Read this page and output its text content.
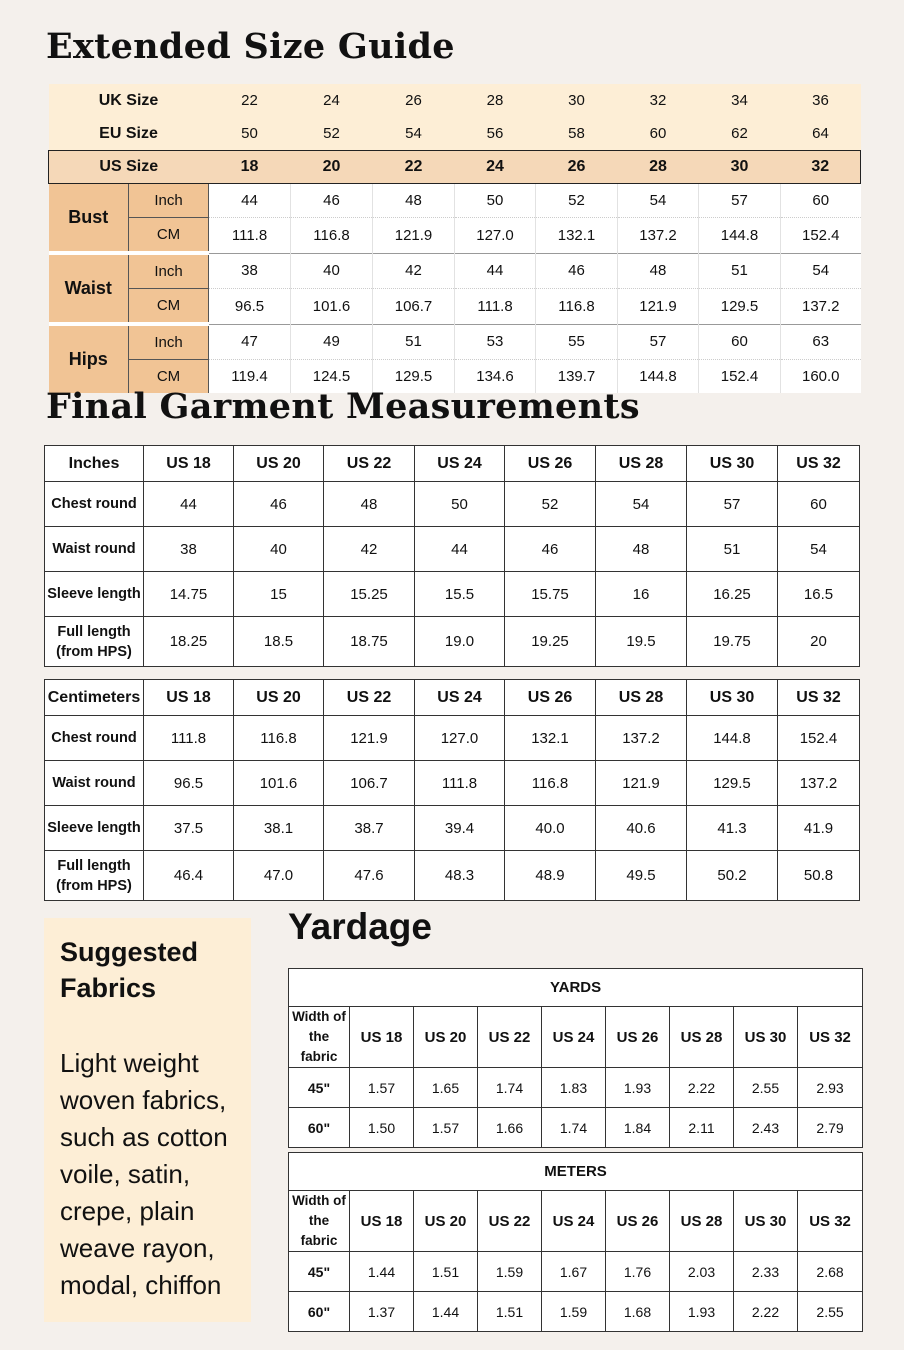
Extended Size Guide
UK Size		22	24	26	28	30	32	34	36
EU Size		50	52	54	56	58	60	62	64
US Size		18	20	22	24	26	28	30	32
Bust	Inch	44	46	48	50	52	54	57	60
	CM	111.8	116.8	121.9	127.0	132.1	137.2	144.8	152.4
Waist	Inch	38	40	42	44	46	48	51	54
	CM	96.5	101.6	106.7	111.8	116.8	121.9	129.5	137.2
Hips	Inch	47	49	51	53	55	57	60	63
	CM	119.4	124.5	129.5	134.6	139.7	144.8	152.4	160.0
Final Garment Measurements
Inches	US 18	US 20	US 22	US 24	US 26	US 28	US 30	US 32

Chest round	44	46	48	50	52	54	57	60

Waist round	38	40	42	44	46	48	51	54

Sleeve length	14.75	15	15.25	15.5	15.75	16	16.25	16.5

Full length
(from HPS)	18.25	18.5	18.75	19.0	19.25	19.5	19.75	20
Centimeters	US 18	US 20	US 22	US 24	US 26	US 28	US 30	US 32

Chest round	111.8	116.8	121.9	127.0	132.1	137.2	144.8	152.4

Waist round	96.5	101.6	106.7	111.8	116.8	121.9	129.5	137.2

Sleeve length	37.5	38.1	38.7	39.4	40.0	40.6	41.3	41.9

Full length
(from HPS)	46.4	47.0	47.6	48.3	48.9	49.5	50.2	50.8
Suggested
Fabrics
Light weight
woven fabrics,
such as cotton
voile, satin,
crepe, plain
weave rayon,
modal, chiffon
Yardage
YARDS								

Width of
the fabric	US 18	US 20	US 22	US 24	US 26	US 28	US 30	US 32
45"	1.57	1.65	1.74	1.83	1.93	2.22	2.55	2.93
60"	1.50	1.57	1.66	1.74	1.84	2.11	2.43	2.79
METERS								

Width of
the fabric	US 18	US 20	US 22	US 24	US 26	US 28	US 30	US 32
45"	1.44	1.51	1.59	1.67	1.76	2.03	2.33	2.68
60"	1.37	1.44	1.51	1.59	1.68	1.93	2.22	2.55
